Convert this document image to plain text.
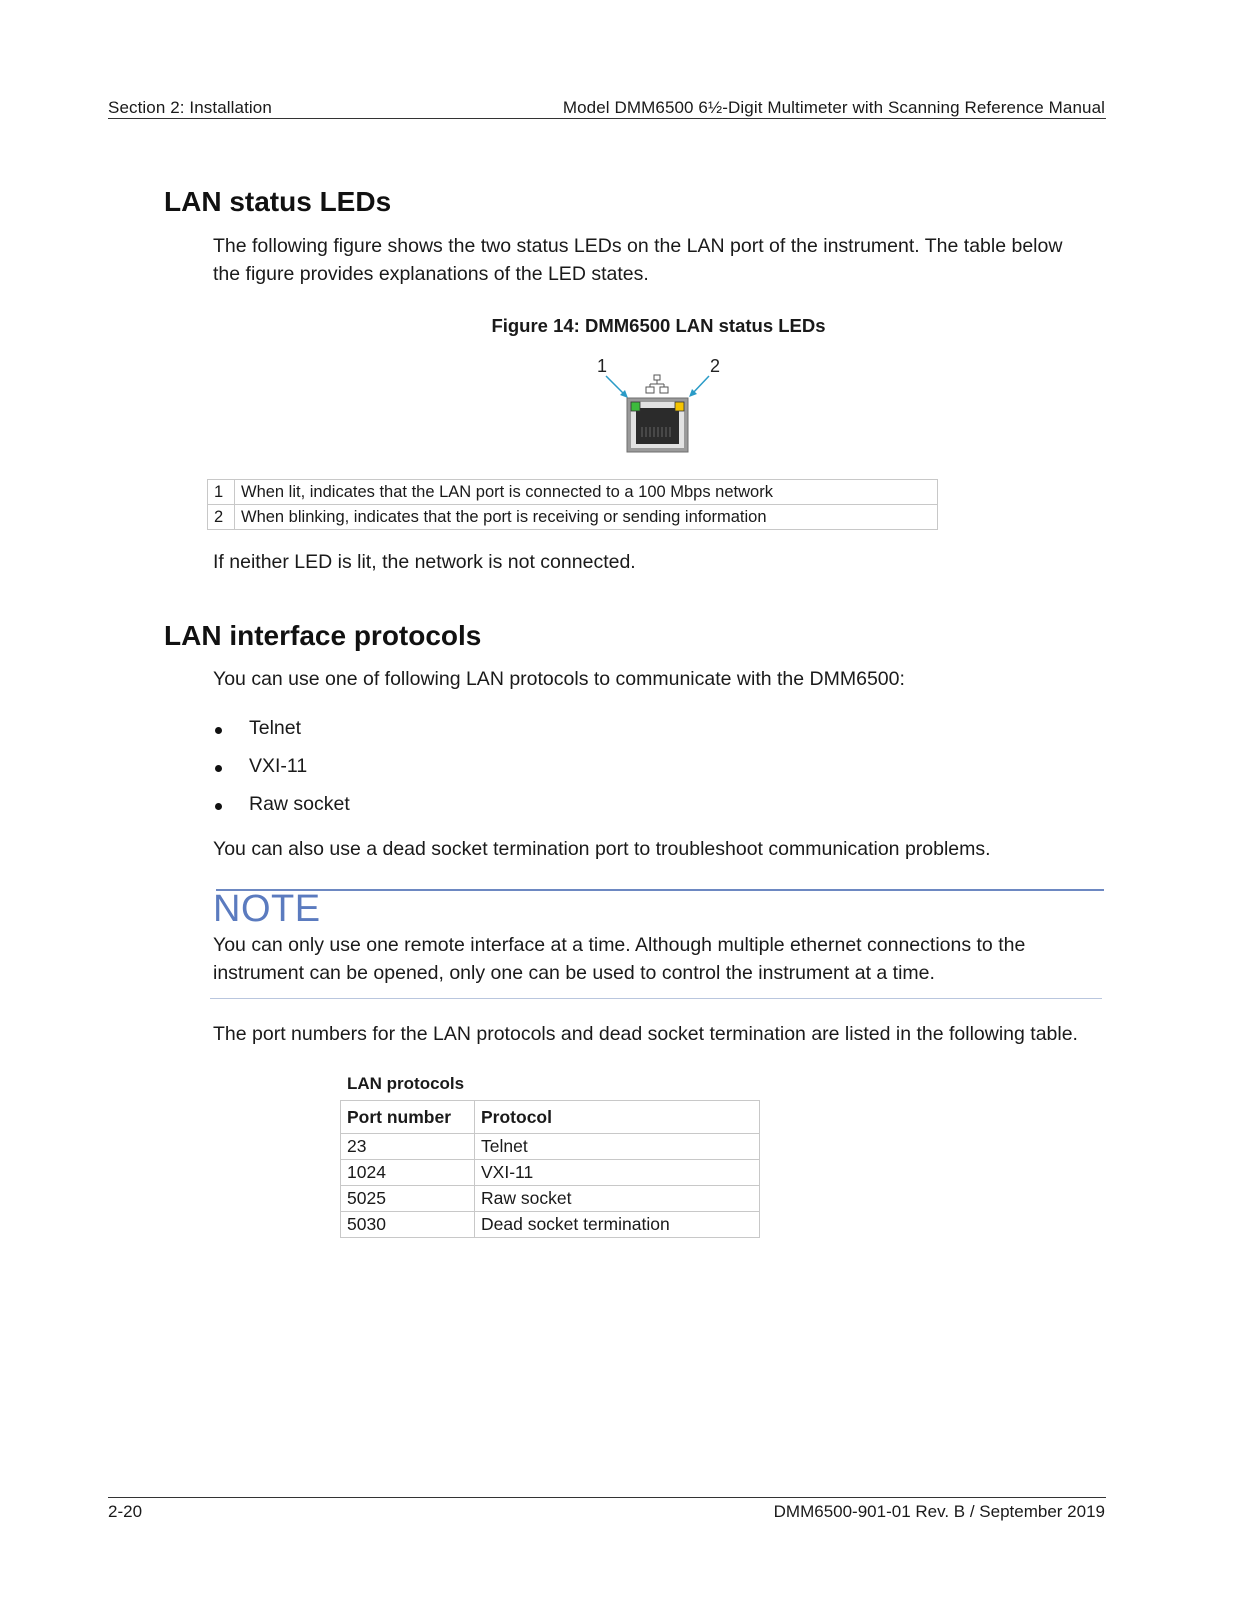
Section 2: Installation	Model DMM6500 6½-Digit Multimeter with Scanning Reference Manual
LAN status LEDs

The following figure shows the two status LEDs on the LAN port of the instrument. The table below

the figure provides explanations of the LED states.

Figure 14: DMM6500 LAN status LEDs
1	2
1	When lit, indicates that the LAN port is connected to a 100 Mbps network
2	When blinking, indicates that the port is receiving or sending information

If neither LED is lit, the network is not connected.

LAN interface protocols

You can use one of following LAN protocols to communicate with the DMM6500:

Telnet
VXI-11
Raw socket

You can also use a dead socket termination port to troubleshoot communication problems.

NOTE

You can only use one remote interface at a time. Although multiple ethernet connections to the

instrument can be opened, only one can be used to control the instrument at a time.

The port numbers for the LAN protocols and dead socket termination are listed in the following table.

LAN protocols
Port number	Protocol
23	Telnet
1024	VXI-11
5025	Raw socket
5030	Dead socket termination
2-20	DMM6500-901-01 Rev. B / September 2019
